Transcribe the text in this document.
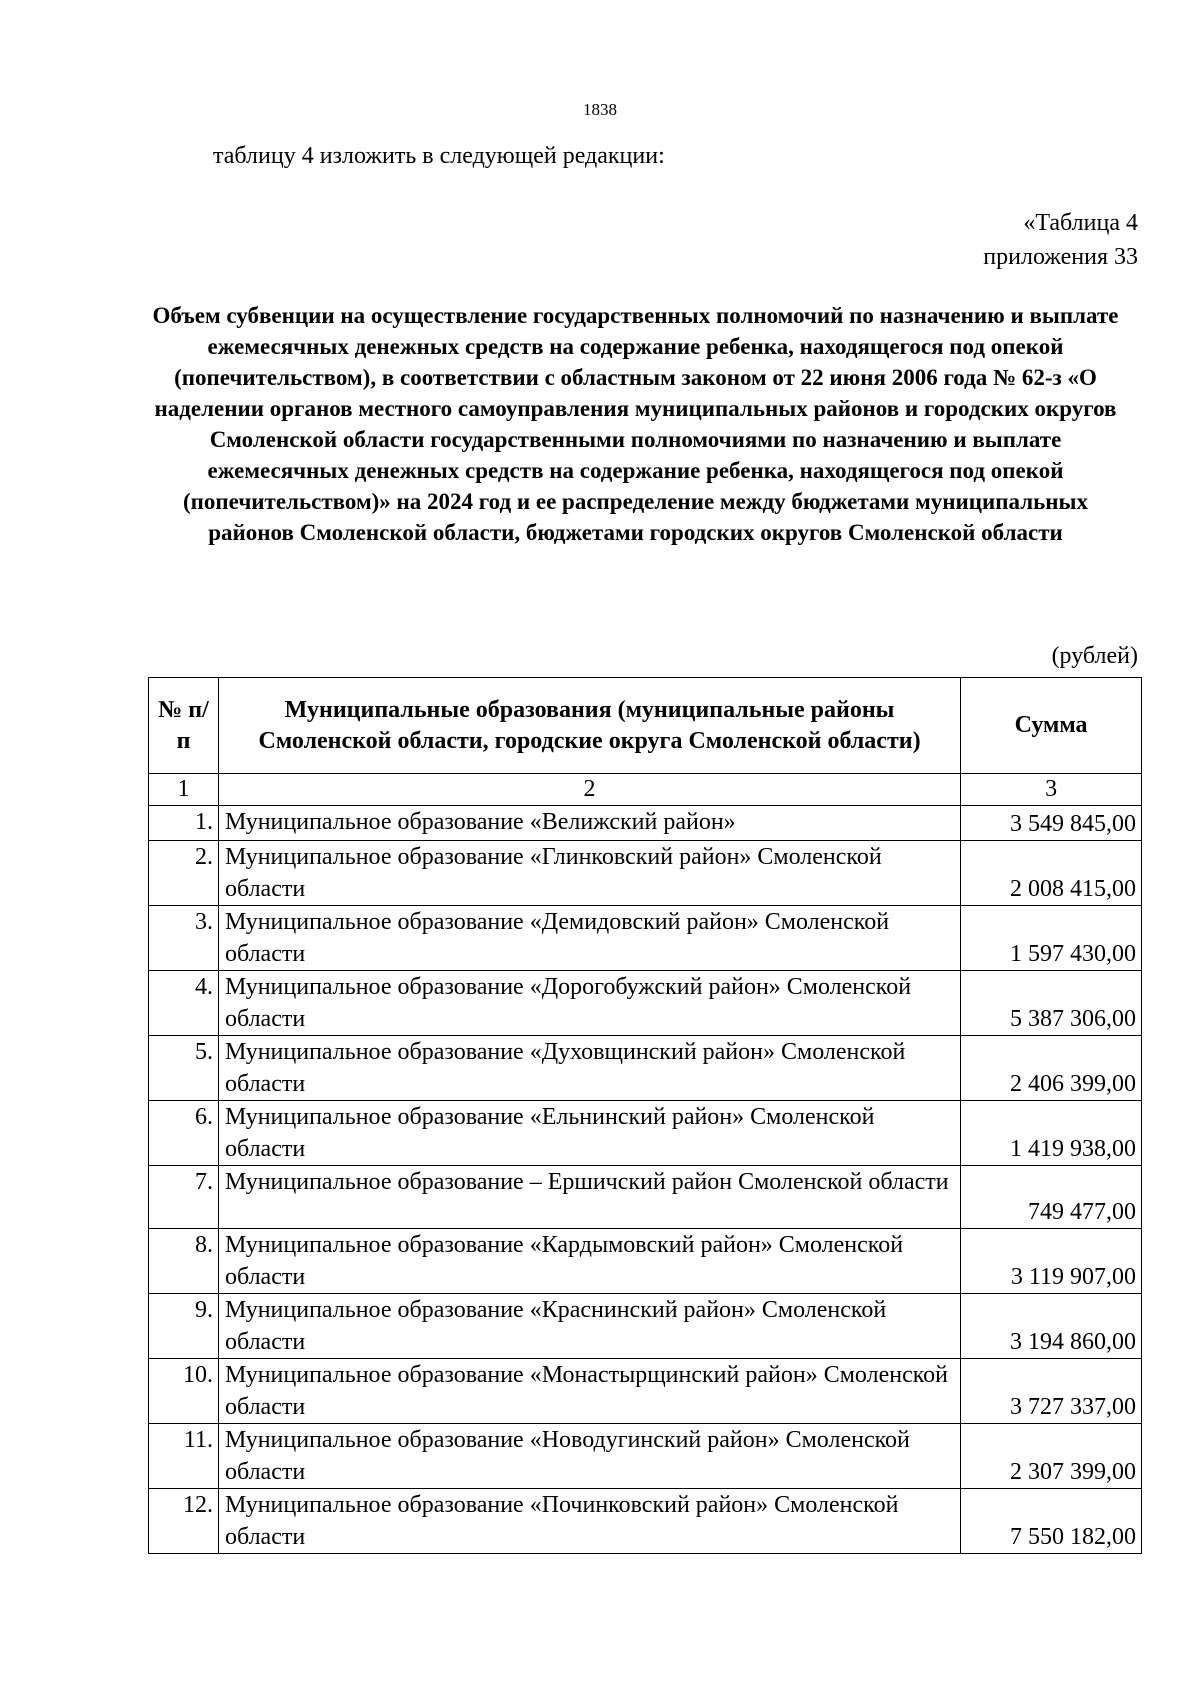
1838
таблицу 4 изложить в следующей редакции:
«Таблица 4
приложения 33

Объем субвенции на осуществление государственных полномочий по назначению и выплате ежемесячных денежных средств на содержание ребенка, находящегося под опекой (попечительством), в соответствии с областным законом от 22 июня 2006 года № 62-з «О наделении органов местного самоуправления муниципальных районов и городских округов Смоленской области государственными полномочиями по назначению и выплате ежемесячных денежных средств на содержание ребенка, находящегося под опекой (попечительством)» на 2024 год и ее распределение между бюджетами муниципальных районов Смоленской области, бюджетами городских округов Смоленской области

(рублей)
№ п/п	Муниципальные образования (муниципальные районы Смоленской области, городские округа Смоленской области)	Сумма
1	2	3
1.	Муниципальное образование «Велижский район»	3 549 845,00
2.	Муниципальное образование «Глинковский район» Смоленской области	2 008 415,00
3.	Муниципальное образование «Демидовский район» Смоленской области	1 597 430,00
4.	Муниципальное образование «Дорогобужский район» Смоленской области	5 387 306,00
5.	Муниципальное образование «Духовщинский район» Смоленской области	2 406 399,00
6.	Муниципальное образование «Ельнинский район» Смоленской области	1 419 938,00
7.	Муниципальное образование – Ершичский район Смоленской области	749 477,00
8.	Муниципальное образование «Кардымовский район» Смоленской области	3 119 907,00
9.	Муниципальное образование «Краснинский район» Смоленской области	3 194 860,00
10.	Муниципальное образование «Монастырщинский район» Смоленской области	3 727 337,00
11.	Муниципальное образование «Новодугинский район» Смоленской области	2 307 399,00
12.	Муниципальное образование «Починковский район» Смоленской области	7 550 182,00
